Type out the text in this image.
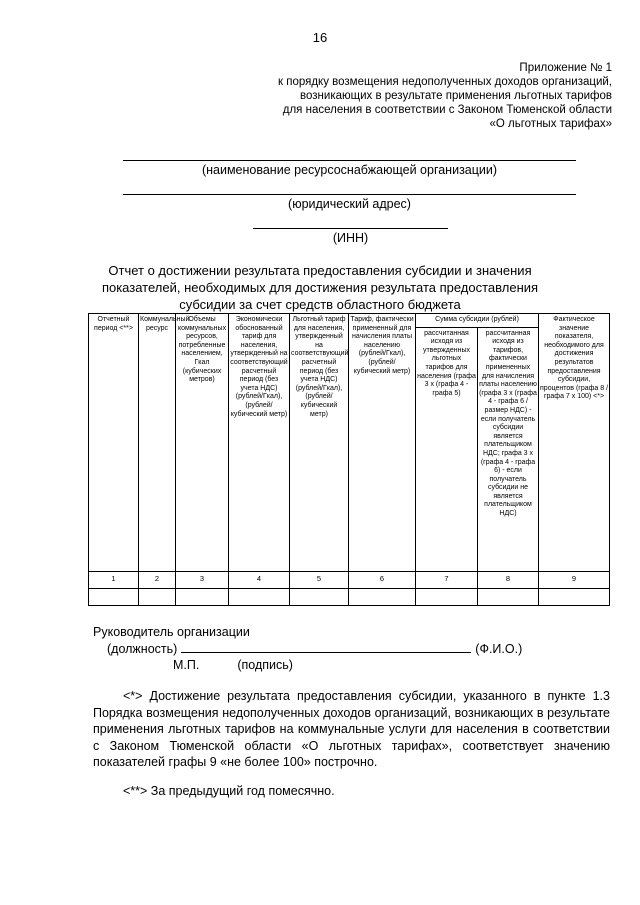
16
Приложение № 1
к порядку возмещения недополученных доходов организаций,
возникающих в результате применения льготных тарифов
для населения в соответствии с Законом Тюменской области
«О льготных тарифах»
(наименование ресурсоснабжающей организации)
(юридический адрес)
(ИНН)
Отчет о достижении результата предоставления субсидии и значения
показателей, необходимых для достижения результата предоставления
субсидии за счет средств областного бюджета
Отчетный период <**>	Коммунальный ресурс	Объемы коммунальных ресурсов, потребленные населением, Гкал (кубических метров)	Экономически обоснованный тариф для населения, утвержденный на соответствующий расчетный период (без учета НДС) (рублей/Гкал), (рублей/ кубический метр)	Льготный тариф для населения, утвержденный на соответствующий расчетный период (без учета НДС) (рублей/Гкал), (рублей/ кубический метр)	Тариф, фактически примененный для начисления платы населению (рублей/Гкал), (рублей/ кубический метр)	Сумма субсидии (рублей)		Фактическое значение показателя, необходимого для достижения результатов предоставления субсидии, процентов (графа 8 / графа 7 x 100) <*>
						рассчитанная исходя из утвержденных льготных тарифов для населения (графа 3 x (графа 4 - графа 5)	рассчитанная исходя из тарифов, фактически примененных для начисления платы населению (графа 3 x (графа 4 - графа 6 / размер НДС) - если получатель субсидии является плательщиком НДС; графа 3 x (графа 4 - графа 6) - если получатель субсидии не является плательщиком НДС)	
1	2	3	4	5	6	7	8	9

Руководитель организации
(должность)	(Ф.И.О.)
М.П.	(подпись)

<*> Достижение результата предоставления субсидии, указанного в пункте 1.3 Порядка возмещения недополученных доходов организаций, возникающих в результате применения льготных тарифов на коммунальные услуги для населения в соответствии с Законом Тюменской области «О льготных тарифах», соответствует значению показателей графы 9 «не более 100» построчно.

<**> За предыдущий год помесячно.
